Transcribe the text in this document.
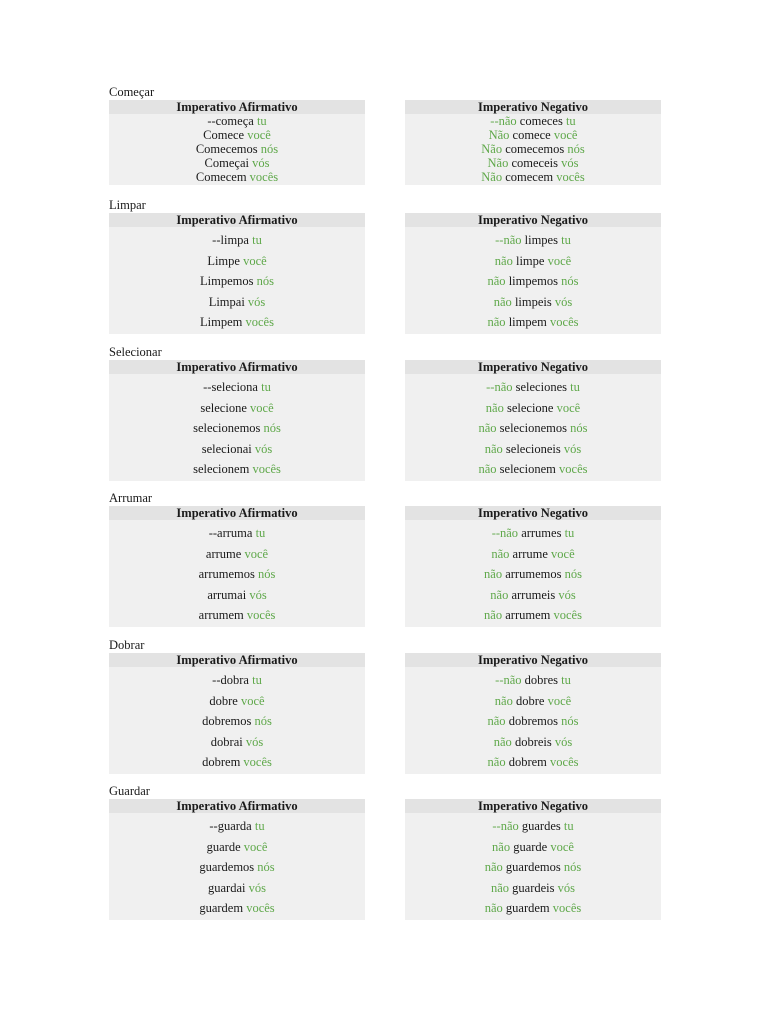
Começar
Imperativo Afirmativo
--começa tu
Comece você
Comecemos nós
Começai vós
Comecem vocês
Imperativo Negativo
--não comeces tu
Não comece você
Não comecemos nós
Não comeceis vós
Não comecem vocês
Limpar
Imperativo Afirmativo
--limpa tu
Limpe você
Limpemos nós
Limpai vós
Limpem vocês
Imperativo Negativo
--não limpes tu
não limpe você
não limpemos nós
não limpeis vós
não limpem vocês
Selecionar
Imperativo Afirmativo
--seleciona tu
selecione você
selecionemos nós
selecionai vós
selecionem vocês
Imperativo Negativo
--não seleciones tu
não selecione você
não selecionemos nós
não selecioneis vós
não selecionem vocês
Arrumar
Imperativo Afirmativo
--arruma tu
arrume você
arrumemos nós
arrumai vós
arrumem vocês
Imperativo Negativo
--não arrumes tu
não arrume você
não arrumemos nós
não arrumeis vós
não arrumem vocês
Dobrar
Imperativo Afirmativo
--dobra tu
dobre você
dobremos nós
dobrai vós
dobrem vocês
Imperativo Negativo
--não dobres tu
não dobre você
não dobremos nós
não dobreis vós
não dobrem vocês
Guardar
Imperativo Afirmativo
--guarda tu
guarde você
guardemos nós
guardai vós
guardem vocês
Imperativo Negativo
--não guardes tu
não guarde você
não guardemos nós
não guardeis vós
não guardem vocês
